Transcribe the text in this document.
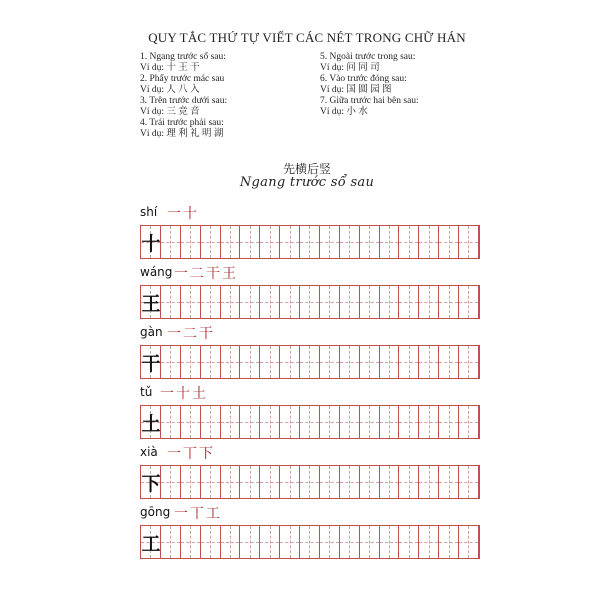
QUY TẮC THỨ TỰ VIẾT CÁC NÉT TRONG CHỮ HÁN
1. Ngang trước sổ sau:
Ví dụ: 十 王 干
2. Phẩy trước mác sau
Ví dụ: 人 八 入
3. Trên trước dưới sau:
Ví dụ: 三 竞 音
4. Trái trước phải sau:
Ví dụ: 理 利 礼 明 湖
5. Ngoài trước trong sau:
Ví dụ: 问 同 司
6. Vào trước đóng sau:
Ví dụ: 国 圆 园 图
7. Giữa trước hai bên sau:
Ví dụ: 小 水
先横后竖
Ngang trước sổ sau
shí 一十
十
wáng 一二干王
王
gàn 一二干
干
tǔ 一十土
土
xià 一丅下
下
gōng 一丅工
工
